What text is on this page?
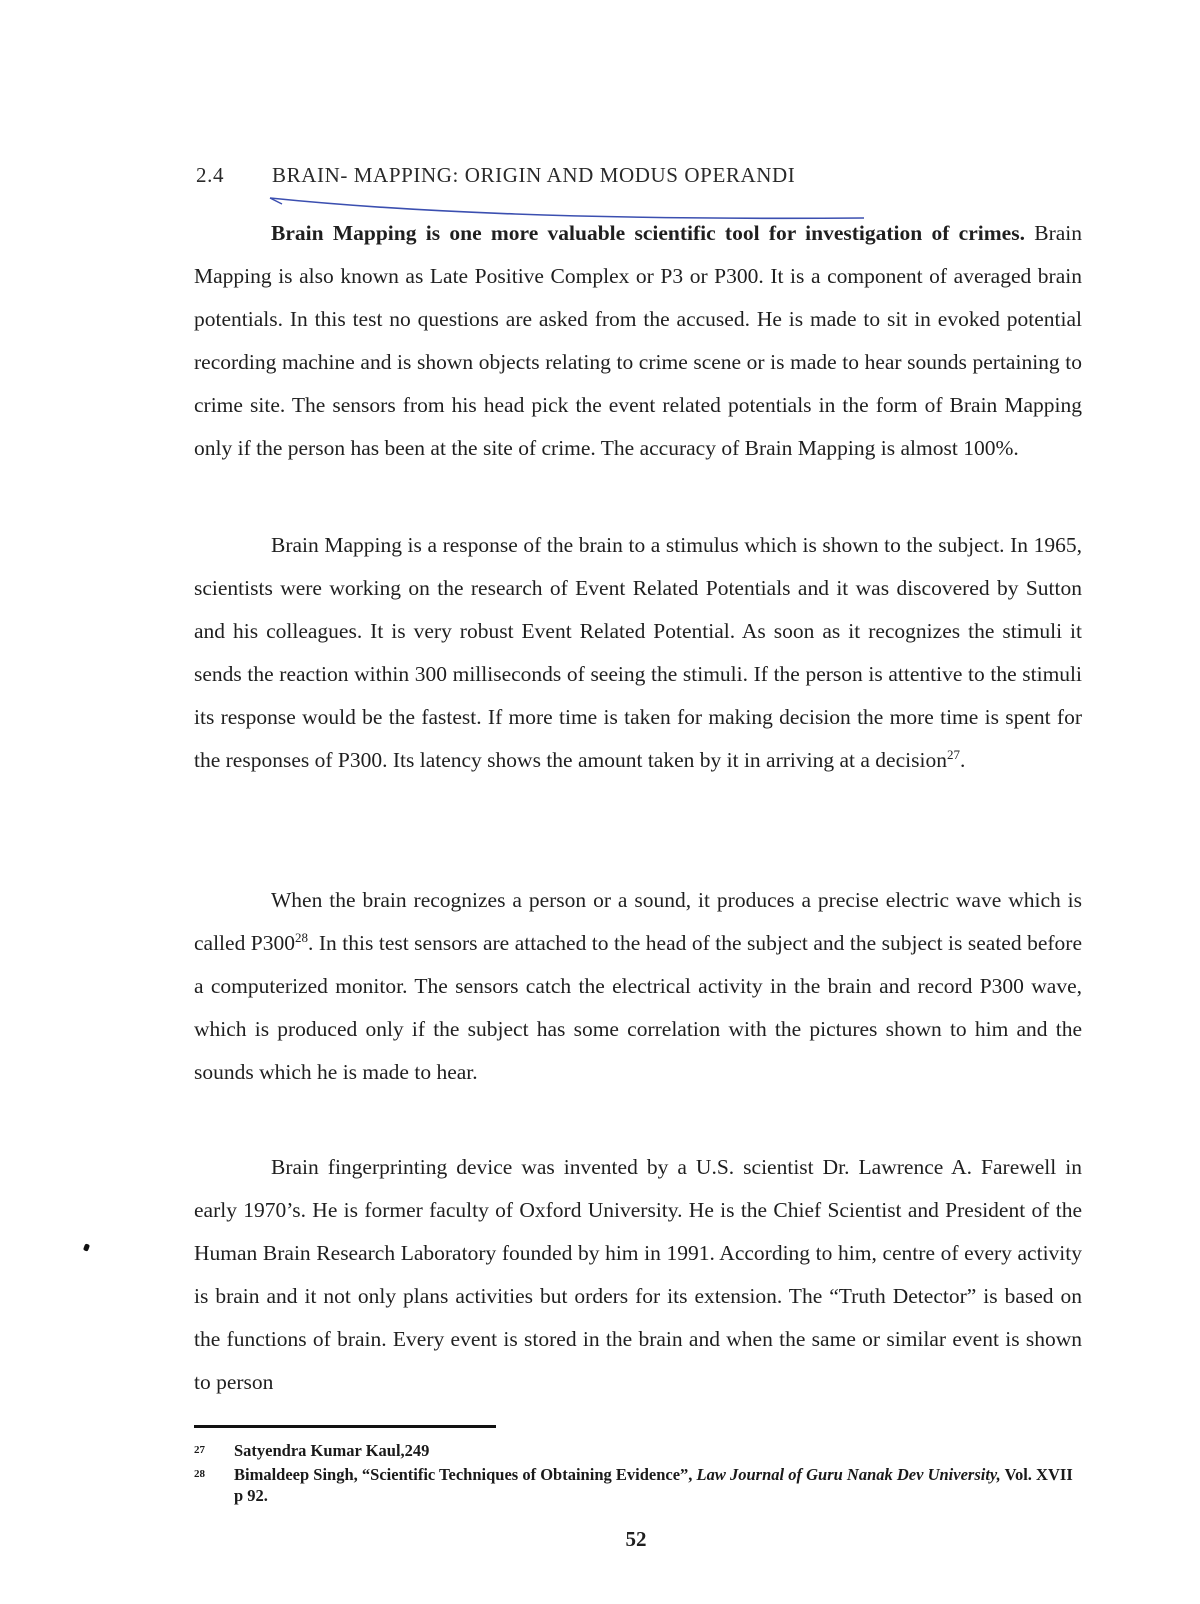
2.4 BRAIN- MAPPING: ORIGIN AND MODUS OPERANDI

Brain Mapping is one more valuable scientific tool for investigation of crimes. Brain Mapping is also known as Late Positive Complex or P3 or P300. It is a component of averaged brain potentials. In this test no questions are asked from the accused. He is made to sit in evoked potential recording machine and is shown objects relating to crime scene or is made to hear sounds pertaining to crime site. The sensors from his head pick the event related potentials in the form of Brain Mapping only if the person has been at the site of crime. The accuracy of Brain Mapping is almost 100%.

Brain Mapping is a response of the brain to a stimulus which is shown to the subject. In 1965, scientists were working on the research of Event Related Potentials and it was discovered by Sutton and his colleagues. It is very robust Event Related Potential. As soon as it recognizes the stimuli it sends the reaction within 300 milliseconds of seeing the stimuli. If the person is attentive to the stimuli its response would be the fastest. If more time is taken for making decision the more time is spent for the responses of P300. Its latency shows the amount taken by it in arriving at a decision$^{27}$.

When the brain recognizes a person or a sound, it produces a precise electric wave which is called $P300^{28}$. In this test sensors are attached to the head of the subject and the subject is seated before a computerized monitor. The sensors catch the electrical activity in the brain and record P300 wave, which is produced only if the subject has some correlation with the pictures shown to him and the sounds which he is made to hear.

Brain fingerprinting device was invented by a U.S. scientist Dr. Lawrence A. Farewell in early 1970’s. He is former faculty of Oxford University. He is the Chief Scientist and President of the Human Brain Research Laboratory founded by him in 1991. According to him, centre of every activity is brain and it not only plans activities but orders for its extension. The “Truth Detector” is based on the functions of brain. Every event is stored in the brain and when the same or similar event is shown to person

27	Satyendra Kumar Kaul,249
28	Bimaldeep Singh, “Scientific Techniques of Obtaining Evidence”, Law Journal of Guru Nanak Dev University, Vol. XVII p 92.
52
